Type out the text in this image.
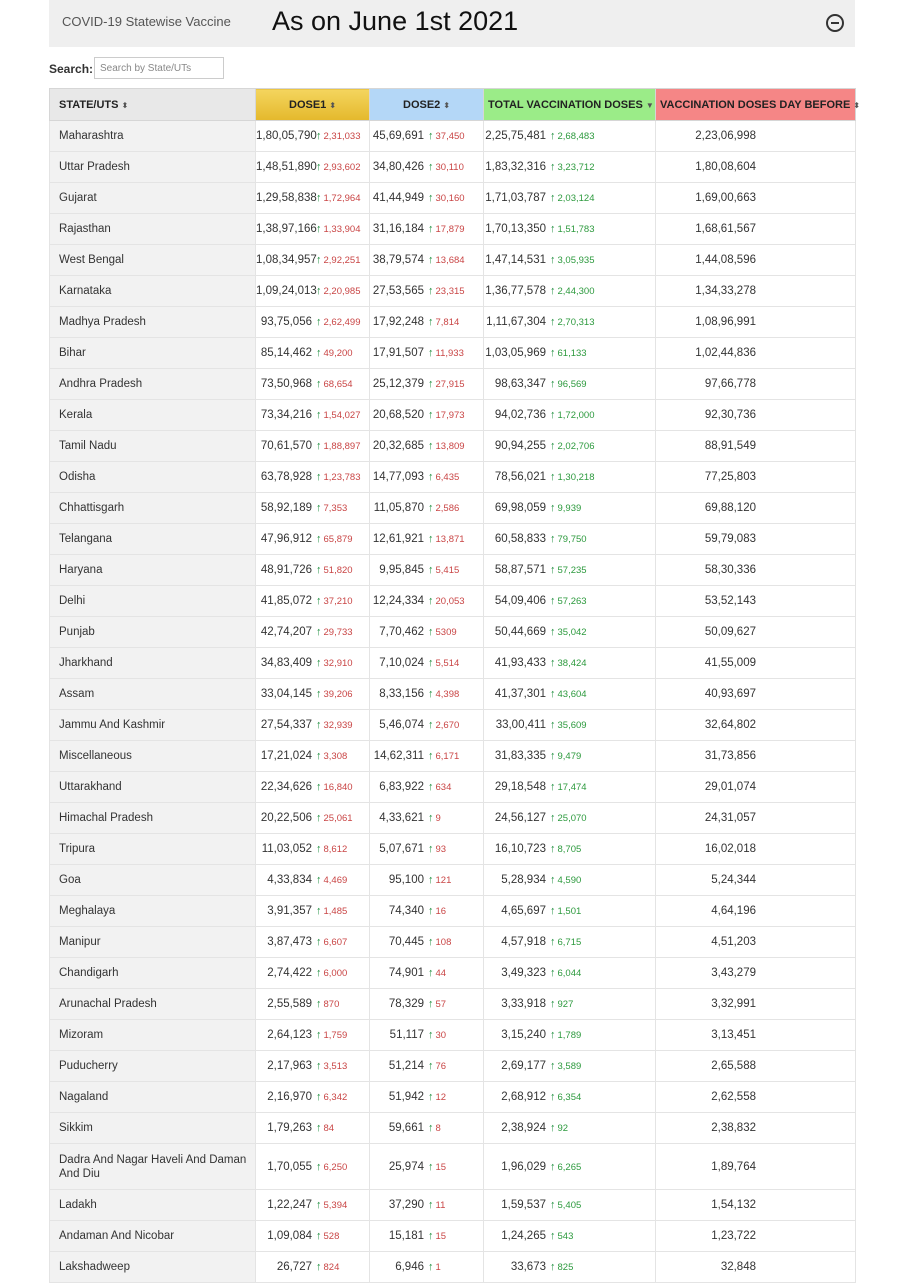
COVID-19 Statewise Vaccine As on June 1st 2021
Search:
Search by State/UTs
STATE/UTS ⬍	DOSE1 ⬍	DOSE2 ⬍	TOTAL VACCINATION DOSES ▼	VACCINATION DOSES DAY BEFORE ⬍
Maharashtra	1,80,05,790↑ 2,31,033	45,69,691 ↑ 37,450	2,25,75,481 ↑ 2,68,483	2,23,06,998
Uttar Pradesh	1,48,51,890↑ 2,93,602	34,80,426 ↑ 30,110	1,83,32,316 ↑ 3,23,712	1,80,08,604
Gujarat	1,29,58,838↑ 1,72,964	41,44,949 ↑ 30,160	1,71,03,787 ↑ 2,03,124	1,69,00,663
Rajasthan	1,38,97,166↑ 1,33,904	31,16,184 ↑ 17,879	1,70,13,350 ↑ 1,51,783	1,68,61,567
West Bengal	1,08,34,957↑ 2,92,251	38,79,574 ↑ 13,684	1,47,14,531 ↑ 3,05,935	1,44,08,596
Karnataka	1,09,24,013↑ 2,20,985	27,53,565 ↑ 23,315	1,36,77,578 ↑ 2,44,300	1,34,33,278
Madhya Pradesh	93,75,056 ↑ 2,62,499	17,92,248 ↑ 7,814	1,11,67,304 ↑ 2,70,313	1,08,96,991
Bihar	85,14,462 ↑ 49,200	17,91,507 ↑ 11,933	1,03,05,969 ↑ 61,133	1,02,44,836
Andhra Pradesh	73,50,968 ↑ 68,654	25,12,379 ↑ 27,915	98,63,347 ↑ 96,569	97,66,778
Kerala	73,34,216 ↑ 1,54,027	20,68,520 ↑ 17,973	94,02,736 ↑ 1,72,000	92,30,736
Tamil Nadu	70,61,570 ↑ 1,88,897	20,32,685 ↑ 13,809	90,94,255 ↑ 2,02,706	88,91,549
Odisha	63,78,928 ↑ 1,23,783	14,77,093 ↑ 6,435	78,56,021 ↑ 1,30,218	77,25,803
Chhattisgarh	58,92,189 ↑ 7,353	11,05,870 ↑ 2,586	69,98,059 ↑ 9,939	69,88,120
Telangana	47,96,912 ↑ 65,879	12,61,921 ↑ 13,871	60,58,833 ↑ 79,750	59,79,083
Haryana	48,91,726 ↑ 51,820	9,95,845 ↑ 5,415	58,87,571 ↑ 57,235	58,30,336
Delhi	41,85,072 ↑ 37,210	12,24,334 ↑ 20,053	54,09,406 ↑ 57,263	53,52,143
Punjab	42,74,207 ↑ 29,733	7,70,462 ↑ 5309	50,44,669 ↑ 35,042	50,09,627
Jharkhand	34,83,409 ↑ 32,910	7,10,024 ↑ 5,514	41,93,433 ↑ 38,424	41,55,009
Assam	33,04,145 ↑ 39,206	8,33,156 ↑ 4,398	41,37,301 ↑ 43,604	40,93,697
Jammu And Kashmir	27,54,337 ↑ 32,939	5,46,074 ↑ 2,670	33,00,411 ↑ 35,609	32,64,802
Miscellaneous	17,21,024 ↑ 3,308	14,62,311 ↑ 6,171	31,83,335 ↑ 9,479	31,73,856
Uttarakhand	22,34,626 ↑ 16,840	6,83,922 ↑ 634	29,18,548 ↑ 17,474	29,01,074
Himachal Pradesh	20,22,506 ↑ 25,061	4,33,621 ↑ 9	24,56,127 ↑ 25,070	24,31,057
Tripura	11,03,052 ↑ 8,612	5,07,671 ↑ 93	16,10,723 ↑ 8,705	16,02,018
Goa	4,33,834 ↑ 4,469	95,100 ↑ 121	5,28,934 ↑ 4,590	5,24,344
Meghalaya	3,91,357 ↑ 1,485	74,340 ↑ 16	4,65,697 ↑ 1,501	4,64,196
Manipur	3,87,473 ↑ 6,607	70,445 ↑ 108	4,57,918 ↑ 6,715	4,51,203
Chandigarh	2,74,422 ↑ 6,000	74,901 ↑ 44	3,49,323 ↑ 6,044	3,43,279
Arunachal Pradesh	2,55,589 ↑ 870	78,329 ↑ 57	3,33,918 ↑ 927	3,32,991
Mizoram	2,64,123 ↑ 1,759	51,117 ↑ 30	3,15,240 ↑ 1,789	3,13,451
Puducherry	2,17,963 ↑ 3,513	51,214 ↑ 76	2,69,177 ↑ 3,589	2,65,588
Nagaland	2,16,970 ↑ 6,342	51,942 ↑ 12	2,68,912 ↑ 6,354	2,62,558
Sikkim	1,79,263 ↑ 84	59,661 ↑ 8	2,38,924 ↑ 92	2,38,832
Dadra And Nagar Haveli And Daman And Diu	1,70,055 ↑ 6,250	25,974 ↑ 15	1,96,029 ↑ 6,265	1,89,764
Ladakh	1,22,247 ↑ 5,394	37,290 ↑ 11	1,59,537 ↑ 5,405	1,54,132
Andaman And Nicobar	1,09,084 ↑ 528	15,181 ↑ 15	1,24,265 ↑ 543	1,23,722
Lakshadweep	26,727 ↑ 824	6,946 ↑ 1	33,673 ↑ 825	32,848
